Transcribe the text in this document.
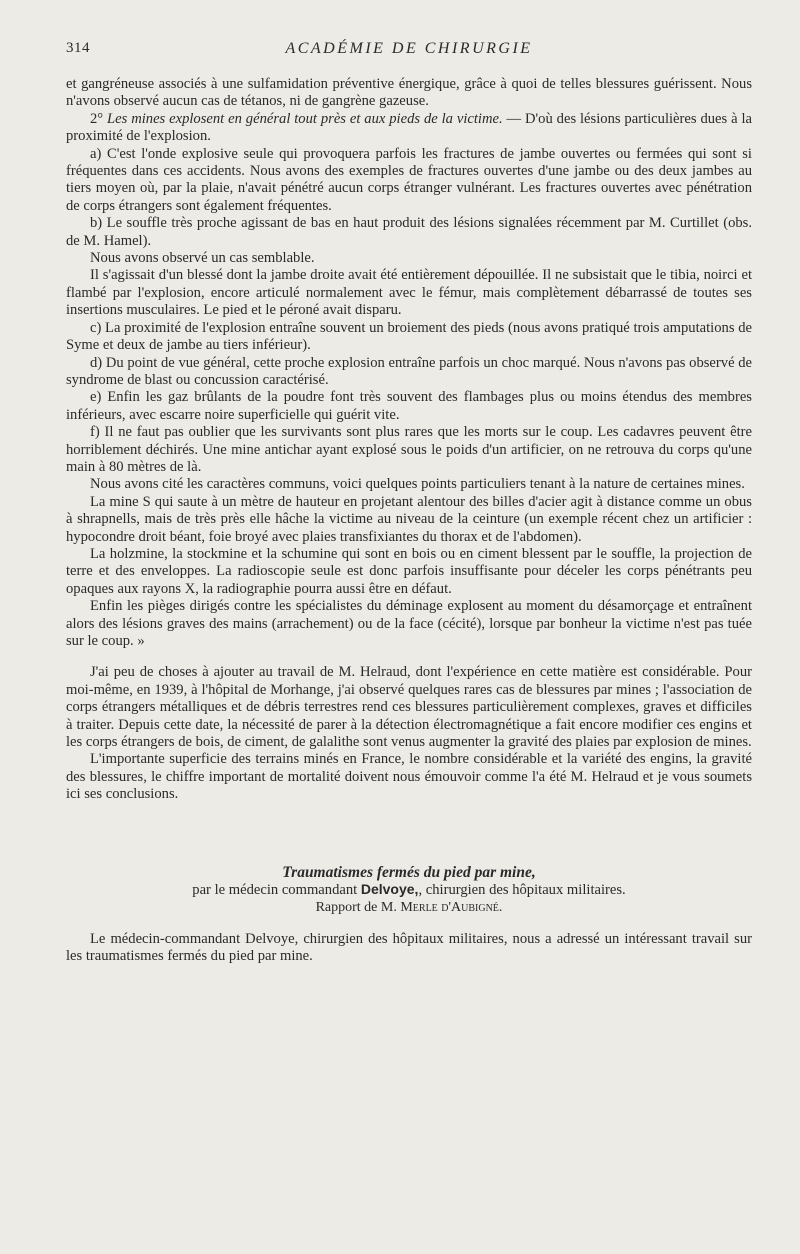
314	ACADÉMIE DE CHIRURGIE

et gangréneuse associés à une sulfamidation préventive énergique, grâce à quoi de telles blessures guérissent. Nous n'avons observé aucun cas de tétanos, ni de gangrène gazeuse.

2° Les mines explosent en général tout près et aux pieds de la victime. — D'où des lésions particulières dues à la proximité de l'explosion.

a) C'est l'onde explosive seule qui provoquera parfois les fractures de jambe ouvertes ou fermées qui sont si fréquentes dans ces accidents. Nous avons des exemples de fractures ouvertes d'une jambe ou des deux jambes au tiers moyen où, par la plaie, n'avait pénétré aucun corps étranger vulnérant. Les fractures ouvertes avec pénétration de corps étrangers sont également fréquentes.

b) Le souffle très proche agissant de bas en haut produit des lésions signalées récemment par M. Curtillet (obs. de M. Hamel).

Nous avons observé un cas semblable.

Il s'agissait d'un blessé dont la jambe droite avait été entièrement dépouillée. Il ne subsistait que le tibia, noirci et flambé par l'explosion, encore articulé normalement avec le fémur, mais complètement débarrassé de toutes ses insertions musculaires. Le pied et le péroné avait disparu.

c) La proximité de l'explosion entraîne souvent un broiement des pieds (nous avons pratiqué trois amputations de Syme et deux de jambe au tiers inférieur).

d) Du point de vue général, cette proche explosion entraîne parfois un choc marqué. Nous n'avons pas observé de syndrome de blast ou concussion caractérisé.

e) Enfin les gaz brûlants de la poudre font très souvent des flambages plus ou moins étendus des membres inférieurs, avec escarre noire superficielle qui guérit vite.

f) Il ne faut pas oublier que les survivants sont plus rares que les morts sur le coup. Les cadavres peuvent être horriblement déchirés. Une mine antichar ayant explosé sous le poids d'un artificier, on ne retrouva du corps qu'une main à 80 mètres de là.

Nous avons cité les caractères communs, voici quelques points particuliers tenant à la nature de certaines mines.

La mine S qui saute à un mètre de hauteur en projetant alentour des billes d'acier agit à distance comme un obus à shrapnells, mais de très près elle hâche la victime au niveau de la ceinture (un exemple récent chez un artificier : hypocondre droit béant, foie broyé avec plaies transfixiantes du thorax et de l'abdomen).

La holzmine, la stockmine et la schumine qui sont en bois ou en ciment blessent par le souffle, la projection de terre et des enveloppes. La radioscopie seule est donc parfois insuffisante pour déceler les corps pénétrants peu opaques aux rayons X, la radiographie pourra aussi être en défaut.

Enfin les pièges dirigés contre les spécialistes du déminage explosent au moment du désamorçage et entraînent alors des lésions graves des mains (arrachement) ou de la face (cécité), lorsque par bonheur la victime n'est pas tuée sur le coup. »

J'ai peu de choses à ajouter au travail de M. Helraud, dont l'expérience en cette matière est considérable. Pour moi-même, en 1939, à l'hôpital de Morhange, j'ai observé quelques rares cas de blessures par mines ; l'association de corps étrangers métalliques et de débris terrestres rend ces blessures particulièrement complexes, graves et difficiles à traiter. Depuis cette date, la nécessité de parer à la détection électromagnétique a fait encore modifier ces engins et les corps étrangers de bois, de ciment, de galalithe sont venus augmenter la gravité des plaies par explosion de mines.

L'importante superficie des terrains minés en France, le nombre considérable et la variété des engins, la gravité des blessures, le chiffre important de mortalité doivent nous émouvoir comme l'a été M. Helraud et je vous soumets ici ses conclusions.

Traumatismes fermés du pied par mine,

par le médecin commandant Delvoye,, chirurgien des hôpitaux militaires.

Rapport de M. Merle d'Aubigné.

Le médecin-commandant Delvoye, chirurgien des hôpitaux militaires, nous a adressé un intéressant travail sur les traumatismes fermés du pied par mine.
